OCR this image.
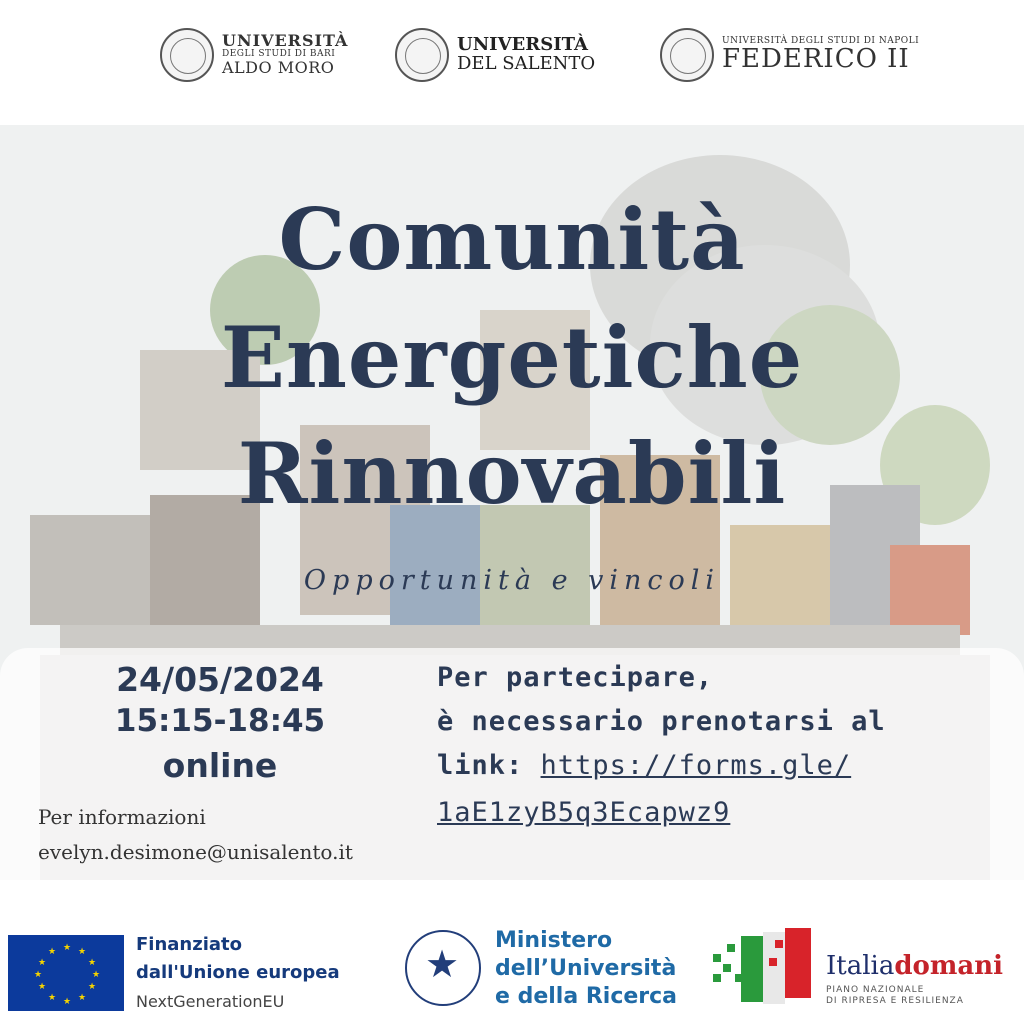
UNIVERSITÀ
DEGLI STUDI DI BARI
ALDO MORO
UNIVERSITÀ
DEL SALENTO
UNIVERSITÀ DEGLI STUDI DI NAPOLI
FEDERICO II
Comunità
Energetiche
Rinnovabili
Opportunità e vincoli
24/05/2024
15:15-18:45
online
Per informazioni
evelyn.desimone@unisalento.it
Per partecipare,
è necessario prenotarsi al
link: https://forms.gle/
1aE1zyB5q3Ecapwz9
★ ★
★
★
★
★
★
★
★
★
★
★	Finanziato
dall'Unione europea
NextGenerationEU
★
Ministero
dell’Università
e della Ricerca
Italiadomani
PIANO NAZIONALE
DI RIPRESA E RESILIENZA
